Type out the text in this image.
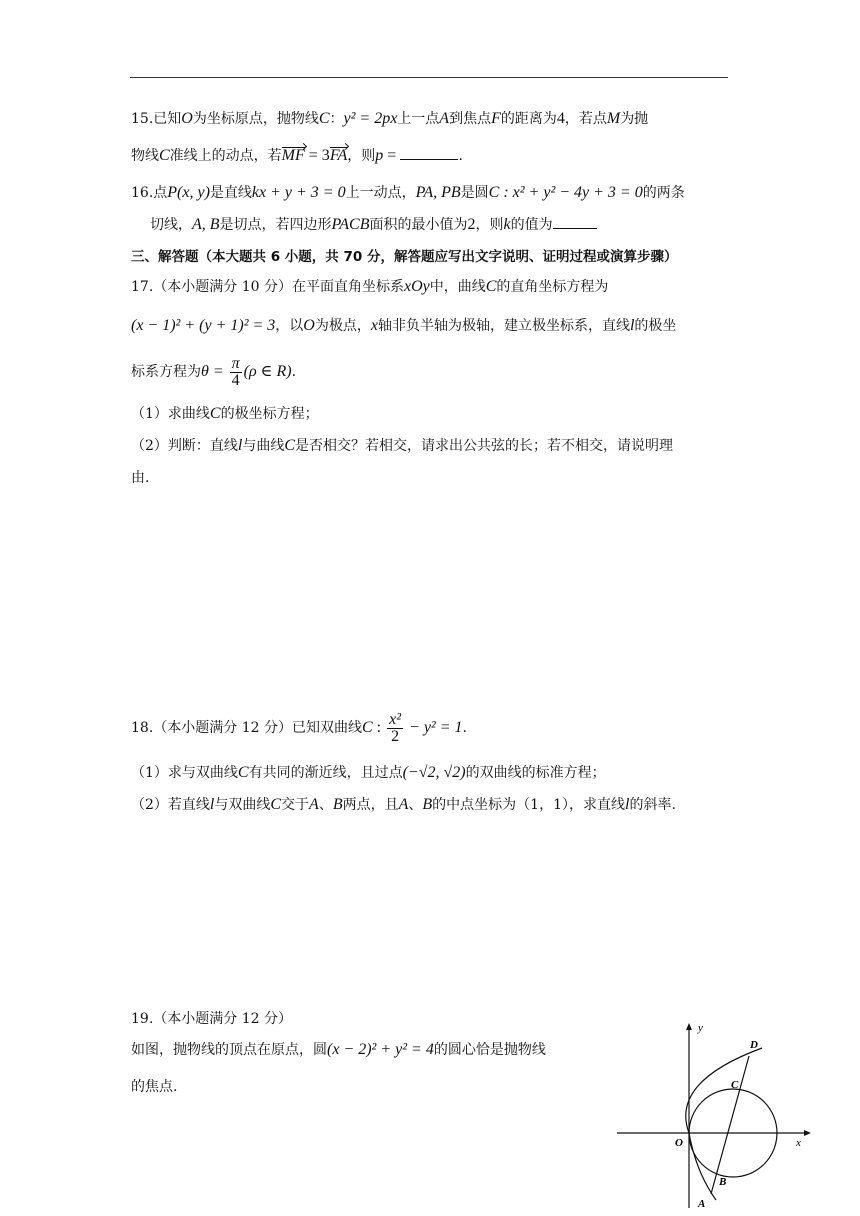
15.已知O为坐标原点，抛物线C：y² = 2px上一点A到焦点F的距离为4，若点M为抛
物线C准线上的动点，若MF = 3FA，则p =	.
16.点P(x, y)是直线kx + y + 3 = 0上一动点，PA, PB是圆C : x² + y² − 4y + 3 = 0的两条
切线，A, B是切点，若四边形PACB面积的最小值为2，则k的值为
三、解答题（本大题共 6 小题，共 70 分，解答题应写出文字说明、证明过程或演算步骤）
17.（本小题满分 10 分）在平面直角坐标系xOy中，曲线C的直角坐标方程为
(x − 1)² + (y + 1)² = 3，以O为极点，x轴非负半轴为极轴，建立极坐标系，直线l的极坐
标系方程为$\theta = \frac{\pi}{4} (\rho$ ∈ R).
（1）求曲线C的极坐标方程；
（2）判断：直线l与曲线C是否相交？若相交，请求出公共弦的长；若不相交，请说明理
由.
18.（本小题满分 12 分）已知双曲线C : $\frac{\text{x²}}{2} - y^2 = 1$.
（1）求与双曲线C有共同的渐近线，且过点(−√2, √2)的双曲线的标准方程；
（2）若直线l与双曲线C交于A、B两点，且A、B的中点坐标为（1，1），求直线l的斜率.
19.（本小题满分 12 分）
如图，抛物线的顶点在原点，圆(x − 2)² + y² = 4的圆心恰是抛物线
的焦点.
y
x
O
D
C
B
A
